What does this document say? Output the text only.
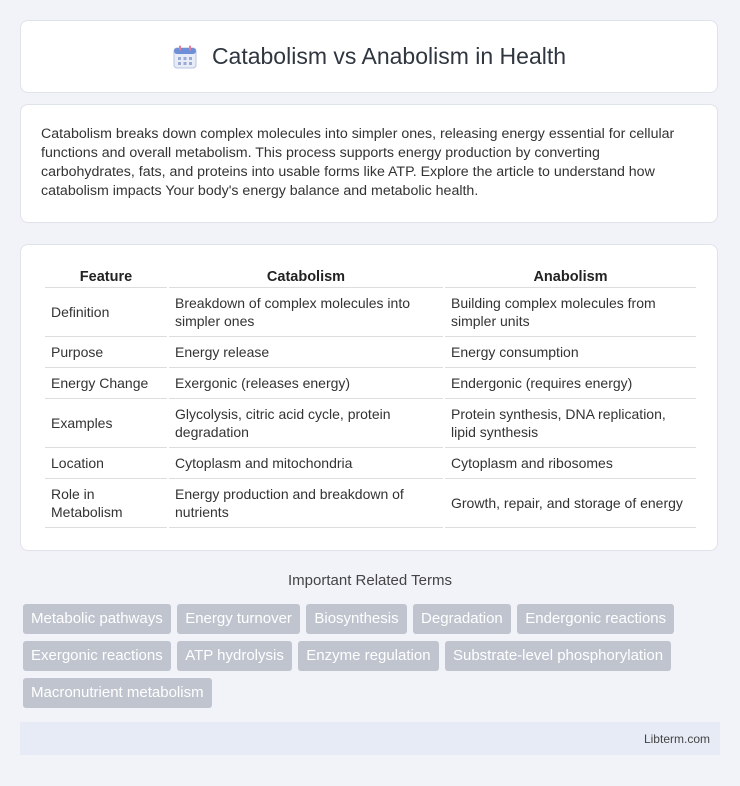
Catabolism vs Anabolism in Health

Catabolism breaks down complex molecules into simpler ones, releasing energy essential for cellular functions and overall metabolism. This process supports energy production by converting carbohydrates, fats, and proteins into usable forms like ATP. Explore the article to understand how catabolism impacts Your body's energy balance and metabolic health.

Feature	Catabolism	Anabolism
Definition	Breakdown of complex molecules into simpler ones	Building complex molecules from simpler units
Purpose	Energy release	Energy consumption
Energy Change	Exergonic (releases energy)	Endergonic (requires energy)
Examples	Glycolysis, citric acid cycle, protein degradation	Protein synthesis, DNA replication, lipid synthesis
Location	Cytoplasm and mitochondria	Cytoplasm and ribosomes
Role in Metabolism	Energy production and breakdown of nutrients	Growth, repair, and storage of energy
Important Related Terms
Metabolic pathways Energy turnover Biosynthesis Degradation Endergonic reactions Exergonic reactions ATP hydrolysis Enzyme regulation Substrate-level phosphorylation Macronutrient metabolism
Libterm.com
